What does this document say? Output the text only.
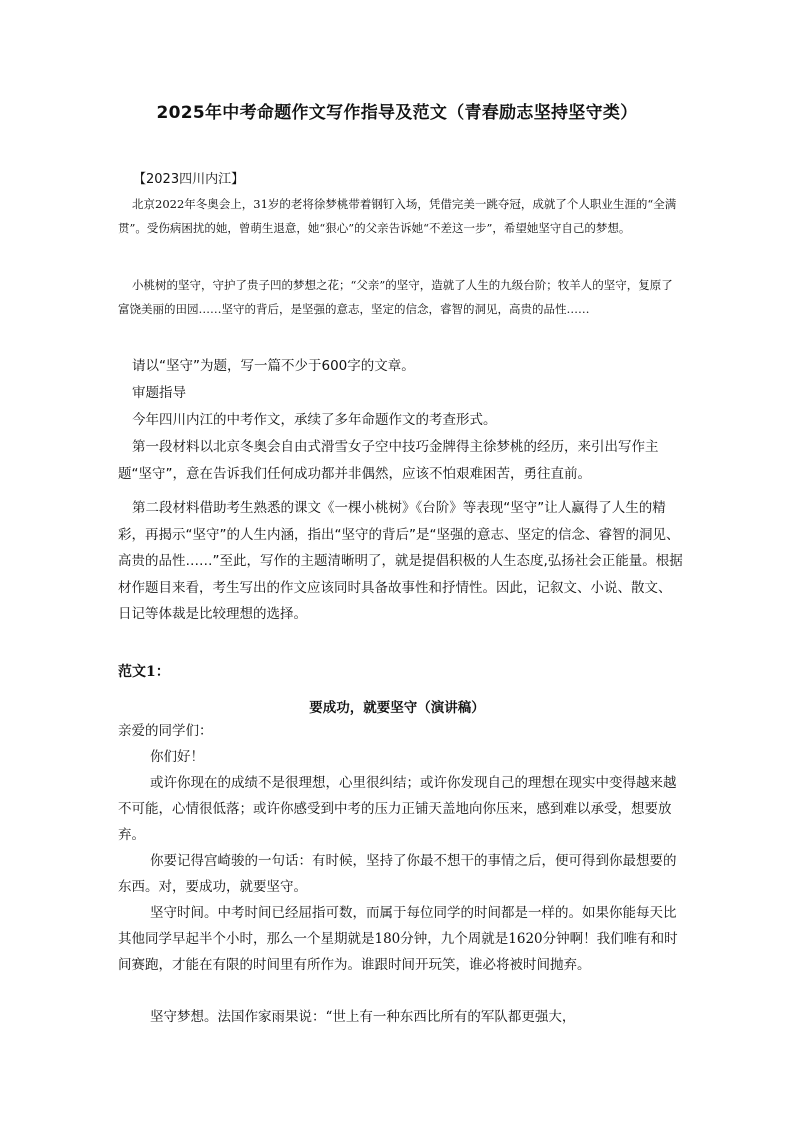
2025年中考命题作文写作指导及范文（青春励志坚持坚守类）
【2023四川内江】
北京2022年冬奥会上，31岁的老将徐梦桃带着钢钉入场，凭借完美一跳夺冠，成就了个人职业生涯的“全满贯”。受伤病困扰的她，曾萌生退意，她“狠心”的父亲告诉她“不差这一步”，希望她坚守自己的梦想。
小桃树的坚守，守护了贵子凹的梦想之花；“父亲”的坚守，造就了人生的九级台阶；牧羊人的坚守，复原了富饶美丽的田园……坚守的背后，是坚强的意志，坚定的信念，睿智的洞见，高贵的品性……

请以“坚守”为题，写一篇不少于600字的文章。

审题指导

今年四川内江的中考作文，承续了多年命题作文的考查形式。

第一段材料以北京冬奥会自由式滑雪女子空中技巧金牌得主徐梦桃的经历，来引出写作主题“坚守”，意在告诉我们任何成功都并非偶然，应该不怕艰难困苦，勇往直前。

第二段材料借助考生熟悉的课文《一棵小桃树》《台阶》等表现“坚守”让人赢得了人生的精彩，再揭示“坚守”的人生内涵，指出“坚守的背后”是“坚强的意志、坚定的信念、睿智的洞见、高贵的品性……”至此，写作的主题清晰明了，就是提倡积极的人生态度,弘扬社会正能量。根据材作题目来看，考生写出的作文应该同时具备故事性和抒情性。因此，记叙文、小说、散文、日记等体裁是比较理想的选择。

范文1：
要成功，就要坚守（演讲稿）

亲爱的同学们：

你们好！

或许你现在的成绩不是很理想，心里很纠结；或许你发现自己的理想在现实中变得越来越不可能，心情很低落；或许你感受到中考的压力正铺天盖地向你压来，感到难以承受，想要放弃。

你要记得宫崎骏的一句话：有时候，坚持了你最不想干的事情之后，便可得到你最想要的东西。对，要成功，就要坚守。

坚守时间。中考时间已经屈指可数，而属于每位同学的时间都是一样的。如果你能每天比其他同学早起半个小时，那么一个星期就是180分钟，九个周就是1620分钟啊！我们唯有和时间赛跑，才能在有限的时间里有所作为。谁跟时间开玩笑，谁必将被时间抛弃。

坚守梦想。法国作家雨果说：“世上有一种东西比所有的军队都更强大，
